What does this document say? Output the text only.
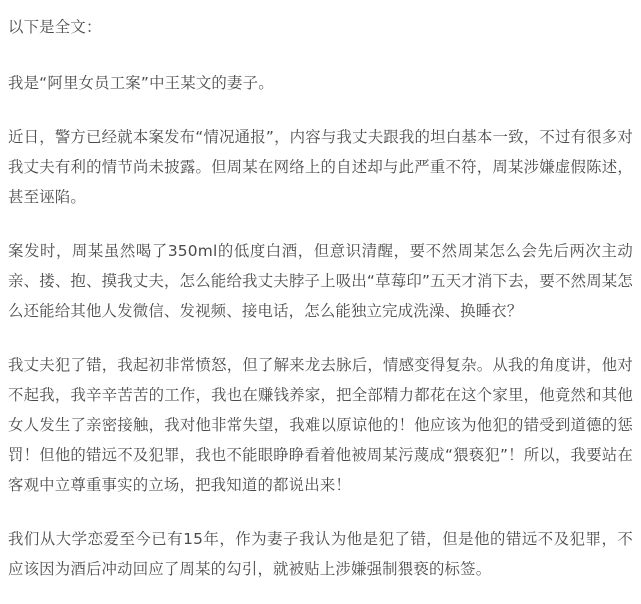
以下是全文：

我是“阿里女员工案”中王某文的妻子。

近日，警方已经就本案发布“情况通报”，内容与我丈夫跟我的坦白基本一致，不过有很多对我丈夫有利的情节尚未披露。但周某在网络上的自述却与此严重不符，周某涉嫌虚假陈述，甚至诬陷。

案发时，周某虽然喝了350ml的低度白酒，但意识清醒，要不然周某怎么会先后两次主动亲、搂、抱、摸我丈夫，怎么能给我丈夫脖子上吸出“草莓印”五天才消下去，要不然周某怎么还能给其他人发微信、发视频、接电话，怎么能独立完成洗澡、换睡衣？

我丈夫犯了错，我起初非常愤怒，但了解来龙去脉后，情感变得复杂。从我的角度讲，他对不起我，我辛辛苦苦的工作，我也在赚钱养家，把全部精力都花在这个家里，他竟然和其他女人发生了亲密接触，我对他非常失望，我难以原谅他的！他应该为他犯的错受到道德的惩罚！但他的错远不及犯罪，我也不能眼睁睁看着他被周某污蔑成“猥亵犯”！所以，我要站在客观中立尊重事实的立场，把我知道的都说出来！

我们从大学恋爱至今已有15年，作为妻子我认为他是犯了错，但是他的错远不及犯罪，不应该因为酒后冲动回应了周某的勾引，就被贴上涉嫌强制猥亵的标签。
